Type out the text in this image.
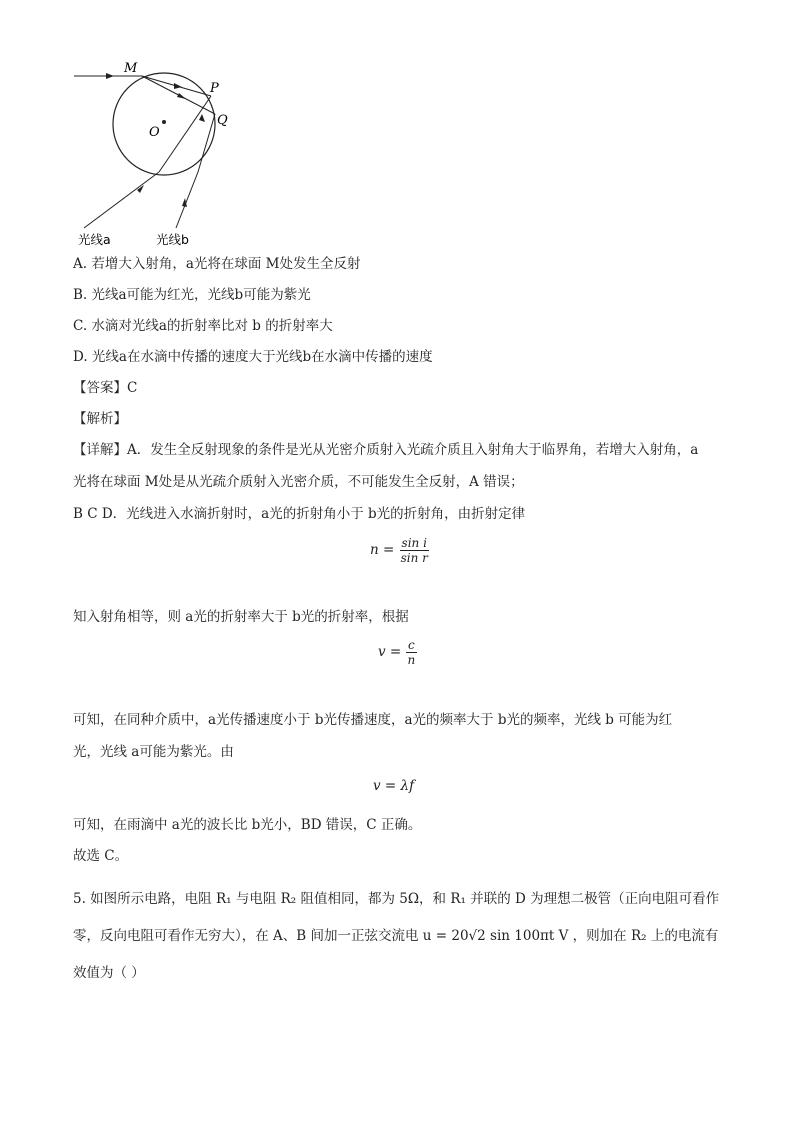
M
P
Q
O
光线a	光线b
A. 若增大入射角，a光将在球面 M处发生全反射
B. 光线a可能为红光，光线b可能为紫光
C. 水滴对光线a的折射率比对 b 的折射率大
D. 光线a在水滴中传播的速度大于光线b在水滴中传播的速度
【答案】C
【解析】
【详解】A．发生全反射现象的条件是光从光密介质射入光疏介质且入射角大于临界角，若增大入射角，a
光将在球面 M处是从光疏介质射入光密介质，不可能发生全反射，A 错误；
B C D．光线进入水滴折射时，a光的折射角小于 b光的折射角，由折射定律
$n = \frac{\text{sin i}}{\text{sin r}}$
知入射角相等，则 a光的折射率大于 b光的折射率，根据
$v = \frac{c}{n}$
可知，在同种介质中，a光传播速度小于 b光传播速度，a光的频率大于 b光的频率，光线 b 可能为红
光，光线 a可能为紫光。由
v = λf
可知，在雨滴中 a光的波长比 b光小，BD 错误，C 正确。
故选 C。
5. 如图所示电路，电阻 R₁ 与电阻 R₂ 阻值相同，都为 5Ω，和 R₁ 并联的 D 为理想二极管（正向电阻可看作
零，反向电阻可看作无穷大），在 A、B 间加一正弦交流电 u = 20√2 sin 100πt V ，则加在 R₂ 上的电流有
效值为（ ）
